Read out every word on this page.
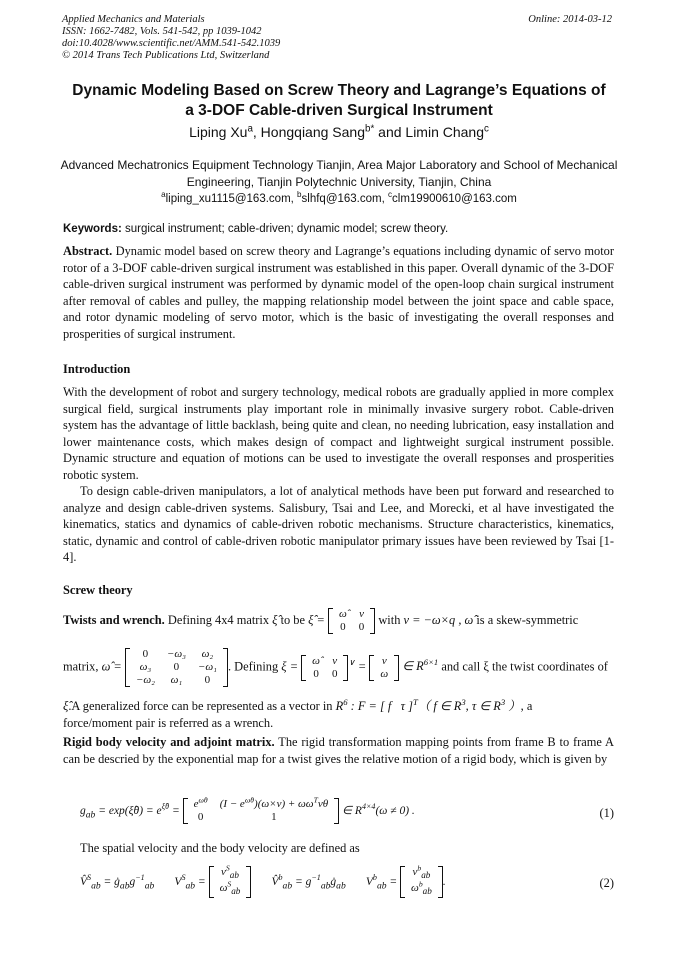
Applied Mechanics and Materials
ISSN: 1662-7482, Vols. 541-542, pp 1039-1042
doi:10.4028/www.scientific.net/AMM.541-542.1039
© 2014 Trans Tech Publications Ltd, Switzerland
Online: 2014-03-12
Dynamic Modeling Based on Screw Theory and Lagrange’s Equations of
a 3-DOF Cable-driven Surgical Instrument
Liping Xu$^a$, Hongqiang Sang$^{b*}$ and Limin Chang$^c$
Advanced Mechatronics Equipment Technology Tianjin, Area Major Laboratory and School of Mechanical Engineering, Tianjin Polytechnic University, Tianjin, China
$^a$liping_xu1115@163.com, $^b$slhfq@163.com, $^c$clm19900610@163.com
Keywords: surgical instrument; cable-driven; dynamic model; screw theory.
Abstract. Dynamic model based on screw theory and Lagrange’s equations including dynamic of servo motor rotor of a 3-DOF cable-driven surgical instrument was established in this paper. Overall dynamic of the 3-DOF cable-driven surgical instrument was performed by dynamic model of the open-loop chain surgical instrument after removal of cables and pulley, the mapping relationship model between the joint space and cable space, and rotor dynamic modeling of servo motor, which is the basic of investigating the overall responses and prosperities of surgical instrument.
Introduction
With the development of robot and surgery technology, medical robots are gradually applied in more complex surgical field, surgical instruments play important role in minimally invasive surgery robot. Cable-driven system has the advantage of little backlash, being quite and clean, no needing lubrication, easy installation and lower maintenance costs, which makes design of compact and lightweight surgical instrument possible. Dynamic structure and equation of motions can be used to investigate the overall responses and prosperities robotic system.
To design cable-driven manipulators, a lot of analytical methods have been put forward and researched to analyze and design cable-driven systems. Salisbury, Tsai and Lee, and Morecki, et al have investigated the kinematics, statics and dynamics of cable-driven robotic mechanisms. Structure characteristics, kinematics, static, dynamic and control of cable-driven robotic manipulator primary issues have been reviewed by Tsai [1-4].
Screw theory
Twists and wrench. Defining 4x4 matrix ξ̂ to be ξ̂ = ω̂	v
0	0
with v = −ω×q , ω̂ is a skew-symmetric
matrix, ω̂ =
0	−ω₃	ω₂
ω₃	0	−ω₁
−ω₂	ω₁	0
. Defining ξ = ω̂	v
0	0
∨ = v
ω
∈ $R^{6\times 1}$ and call ξ the twist coordinates of
ξ̂.A generalized force can be represented as a vector in $R^6$ : F = [ f   τ ]$^T$（ f ∈ $R^3$, τ ∈ $R^3$ ）, a
force/moment pair is referred as a wrench.
Rigid body velocity and adjoint matrix. The rigid transformation mapping points from frame B to frame A can be descried by the exponential map for a twist gives the relative motion of a rigid body, which is given by
$g_{ab}$ = exp(ξ̂θ) = $e^{\xî\theta}$ =
$e^{\omegâ\theta}$	$(I - e^{\omegâ\theta})(\omega\times v) + \omega\omega^Tv\theta$
0	1
∈ $R^{4\times 4}(\omega \ne 0)$ .	(1)
The spatial velocity and the body velocity are defined as
V̂$^S_{ab}$ = $ġ_{ab}g^{-1}_{ab}$ $V^S_{ab}$ =
$v^S_{ab}$
$\omega^S_{ab}$
V̂$^b_{ab}$ = $g^{-1}_{ab}ġ_{ab}$ $V^b_{ab}$ =
$v^b_{ab}$
$\omega^b_{ab}$
.	(2)
